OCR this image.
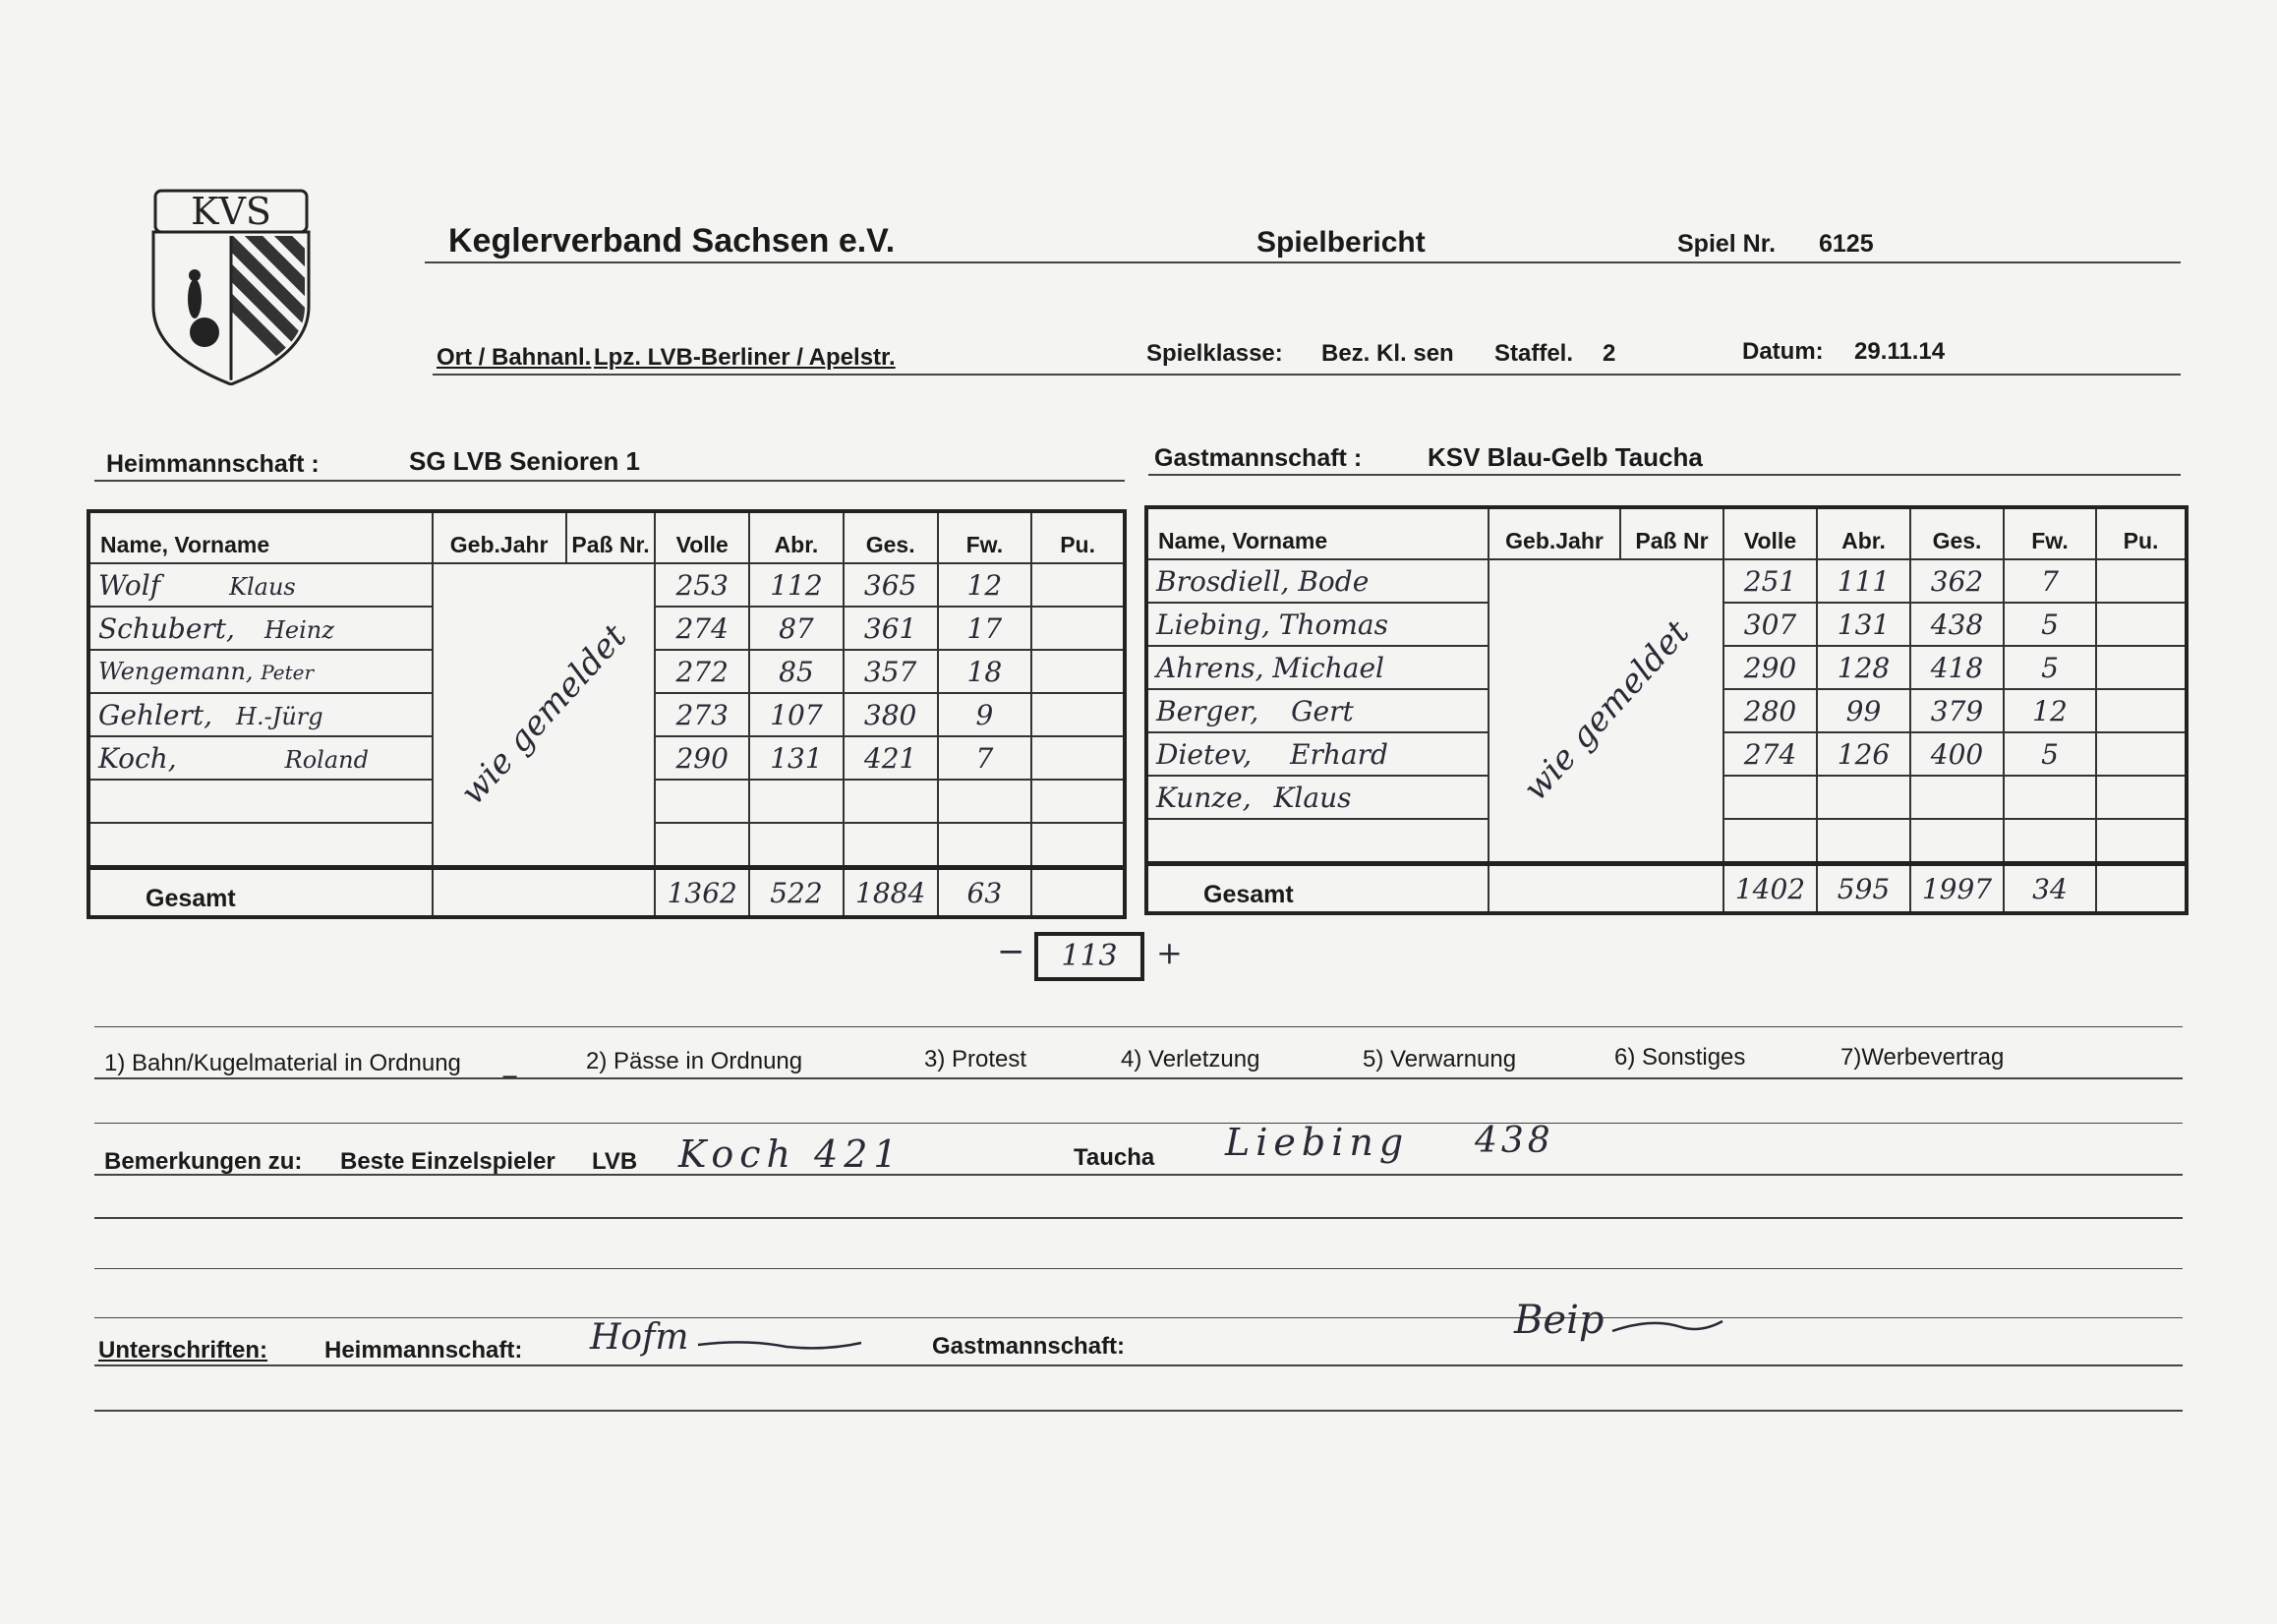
KVS
Keglerverband Sachsen e.V.	Spielbericht	Spiel Nr. 6125
Ort / Bahnanl. Lpz. LVB-Berliner / Apelstr.	Spielklasse: Bez. Kl. sen Staffel. 2	Datum: 29.11.14
Heimmannschaft :	SG LVB Senioren 1	Gastmannschaft :	KSV Blau-Gelb Taucha
Name, Vorname	Geb.Jahr	Paß Nr.	Volle	Abr.	Ges.	Fw.	Pu.
Wolf Klaus	wie gemeldet		253	112	365	12	
Schubert, Heinz			274	87	361	17	
Wengemann, Peter			272	85	357	18	
Gehlert, H.-Jürg			273	107	380	9	
Koch, Roland			290	131	421	7	

Gesamt			1362	522	1884	63	
Name, Vorname	Geb.Jahr	Paß Nr	Volle	Abr.	Ges.	Fw.	Pu.
Brosdiell, Bode	wie gemeldet		251	111	362	7	
Liebing, Thomas			307	131	438	5	
Ahrens, Michael			290	128	418	5	
Berger, Gert			280	99	379	12	
Dietev, Erhard			274	126	400	5	
Kunze, Klaus							

Gesamt			1402	595	1997	34	
−	113	+
1) Bahn/Kugelmaterial in Ordnung _	2) Pässe in Ordnung	3) Protest	4) Verletzung	5) Verwarnung	6) Sonstiges	7)Werbevertrag
Bemerkungen zu: Beste Einzelspieler LVB Koch 421	Taucha Liebing 438
Unterschriften: Heimmannschaft: Hofm	Gastmannschaft:
Beip
